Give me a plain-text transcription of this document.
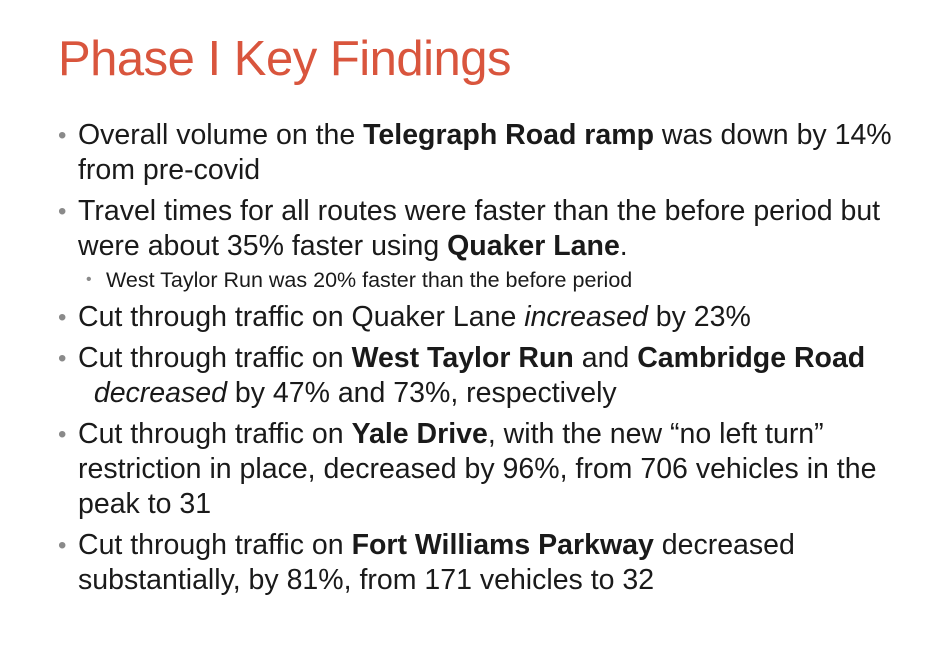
Phase I Key Findings
• Overall volume on the Telegraph Road ramp was down by 14% from pre-covid
• Travel times for all routes were faster than the before period but were about 35% faster using Quaker Lane.
• West Taylor Run was 20% faster than the before period
• Cut through traffic on Quaker Lane increased by 23%
• Cut through traffic on West Taylor Run and Cambridge Road  decreased by 47% and 73%, respectively
• Cut through traffic on Yale Drive, with the new “no left turn” restriction in place, decreased by 96%, from 706 vehicles in the peak to 31
• Cut through traffic on Fort Williams Parkway decreased substantially, by 81%, from 171 vehicles to 32
